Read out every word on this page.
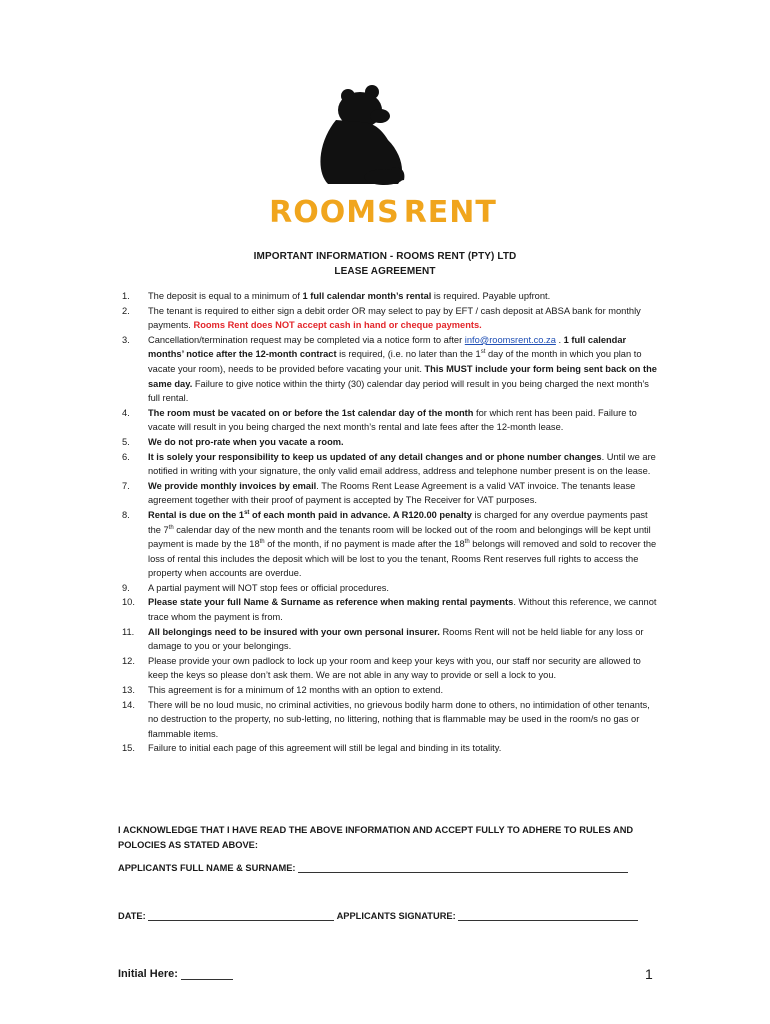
ROOMS RENT
IMPORTANT INFORMATION - ROOMS RENT (PTY) LTD
LEASE AGREEMENT
1. The deposit is equal to a minimum of 1 full calendar month’s rental is required. Payable upfront.
2. The tenant is required to either sign a debit order OR may select to pay by EFT / cash deposit at ABSA bank for monthly payments. Rooms Rent does NOT accept cash in hand or cheque payments.
3. Cancellation/termination request may be completed via a notice form to after info@roomsrent.co.za . 1 full calendar months’ notice after the 12-month contract is required, (i.e. no later than the 1st day of the month in which you plan to vacate your room), needs to be provided before vacating your unit. This MUST include your form being sent back on the same day. Failure to give notice within the thirty (30) calendar day period will result in you being charged the next month’s full rental.
4. The room must be vacated on or before the 1st calendar day of the month for which rent has been paid. Failure to vacate will result in you being charged the next month’s rental and late fees after the 12-month lease.
5. We do not pro-rate when you vacate a room.
6. It is solely your responsibility to keep us updated of any detail changes and or phone number changes. Until we are notified in writing with your signature, the only valid email address, address and telephone number present is on the lease.
7. We provide monthly invoices by email. The Rooms Rent Lease Agreement is a valid VAT invoice. The tenants lease agreement together with their proof of payment is accepted by The Receiver for VAT purposes.
8. Rental is due on the 1st of each month paid in advance. A R120.00 penalty is charged for any overdue payments past the 7th calendar day of the new month and the tenants room will be locked out of the room and belongings will be kept until payment is made by the 18th of the month, if no payment is made after the 18th belongs will removed and sold to recover the loss of rental this includes the deposit which will be lost to you the tenant, Rooms Rent reserves full rights to access the property when accounts are overdue.
9. A partial payment will NOT stop fees or official procedures.
10. Please state your full Name & Surname as reference when making rental payments. Without this reference, we cannot trace whom the payment is from.
11. All belongings need to be insured with your own personal insurer. Rooms Rent will not be held liable for any loss or damage to you or your belongings.
12. Please provide your own padlock to lock up your room and keep your keys with you, our staff nor security are allowed to keep the keys so please don’t ask them. We are not able in any way to provide or sell a lock to you.
13. This agreement is for a minimum of 12 months with an option to extend.
14. There will be no loud music, no criminal activities, no grievous bodily harm done to others, no intimidation of other tenants, no destruction to the property, no sub-letting, no littering, nothing that is flammable may be used in the room/s no gas or flammable items.
15. Failure to initial each page of this agreement will still be legal and binding in its totality.
I ACKNOWLEDGE THAT I HAVE READ THE ABOVE INFORMATION AND ACCEPT FULLY TO ADHERE TO RULES AND POLOCIES AS STATED ABOVE:
APPLICANTS FULL NAME & SURNAME:
DATE:	APPLICANTS SIGNATURE:
Initial Here:	1
